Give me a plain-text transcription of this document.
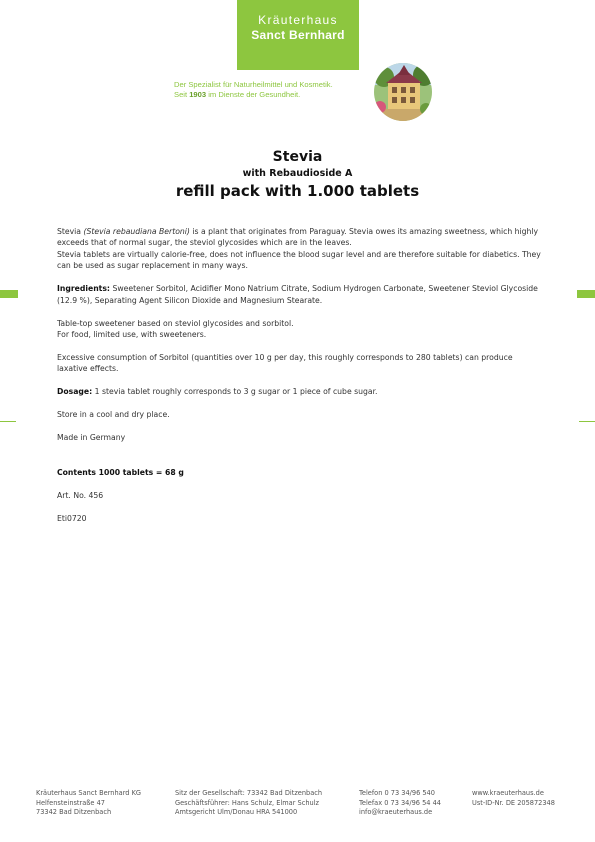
Kräuterhaus
Sanct Bernhard
Der Spezialist für Naturheilmittel und Kosmetik.
Seit 1903 im Dienste der Gesundheit.
Stevia
with Rebaudioside A
refill pack with 1.000 tablets

Stevia (Stevia rebaudiana Bertoni) is a plant that originates from Paraguay. Stevia owes its amazing sweetness, which highly exceeds that of normal sugar, the steviol glycosides which are in the leaves.

Stevia tablets are virtually calorie-free, does not influence the blood sugar level and are therefore suitable for diabetics. They can be used as sugar replacement in many ways.

Ingredients: Sweetener Sorbitol, Acidifier Mono Natrium Citrate, Sodium Hydrogen Carbonate, Sweetener Steviol Glycoside (12.9 %), Separating Agent Silicon Dioxide and Magnesium Stearate.

Table-top sweetener based on steviol glycosides and sorbitol.

For food, limited use, with sweeteners.

Excessive consumption of Sorbitol (quantities over 10 g per day, this roughly corresponds to 280 tablets) can produce laxative effects.

Dosage: 1 stevia tablet roughly corresponds to 3 g sugar or 1 piece of cube sugar.

Store in a cool and dry place.

Made in Germany

Contents 1000 tablets = 68 g

Art. No. 456

Eti0720

Kräuterhaus Sanct Bernhard KG
Helfensteinstraße 47
73342 Bad Ditzenbach
Sitz der Gesellschaft: 73342 Bad Ditzenbach
Geschäftsführer: Hans Schulz, Elmar Schulz
Amtsgericht Ulm/Donau HRA 541000
Telefon 0 73 34/96 540
Telefax 0 73 34/96 54 44
info@kraeuterhaus.de
www.kraeuterhaus.de
Ust-ID-Nr. DE 205872348
